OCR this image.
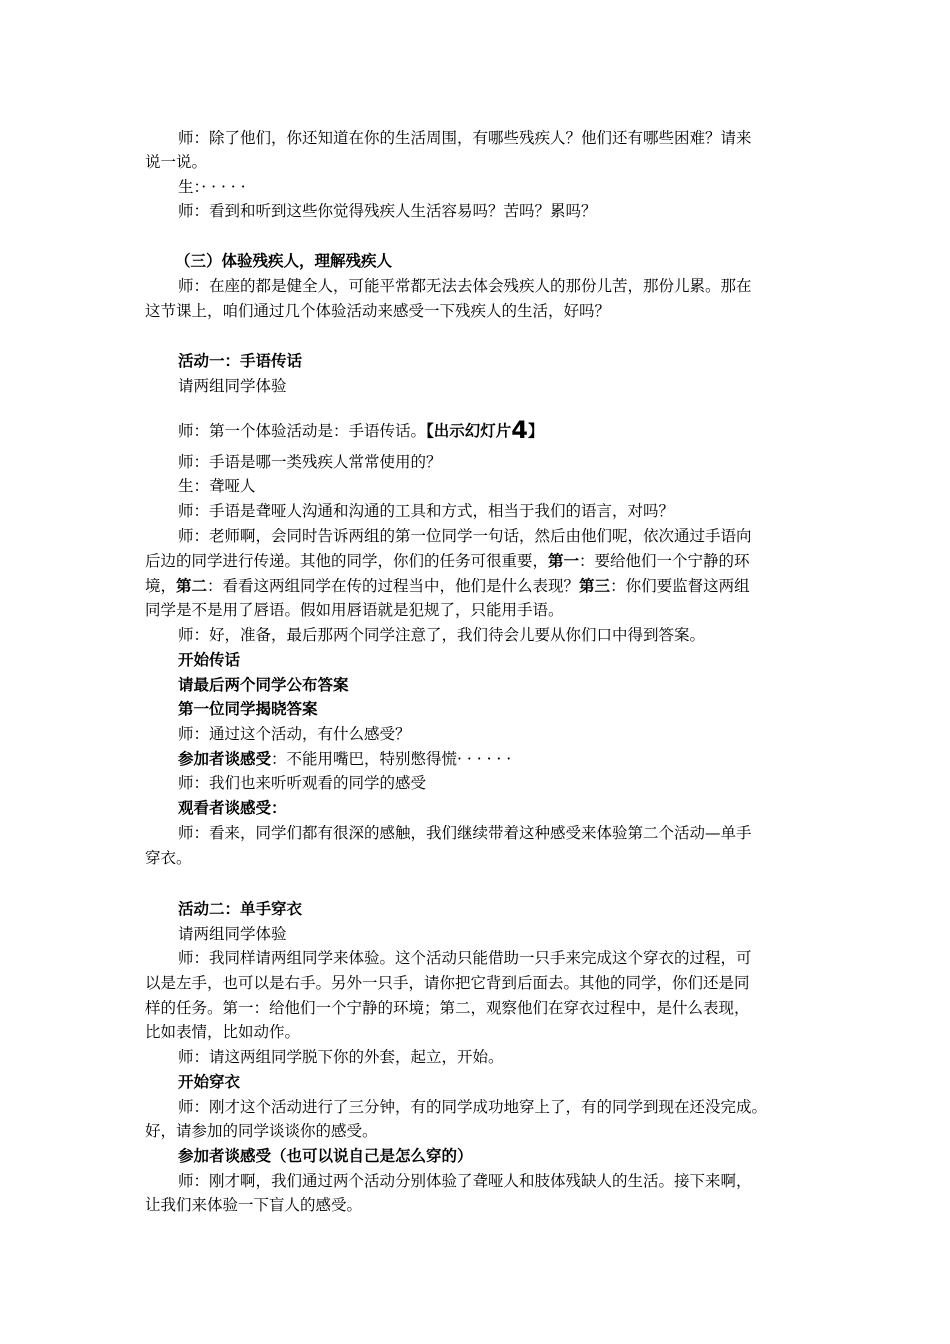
师：除了他们，你还知道在你的生活周围，有哪些残疾人？他们还有哪些困难？请来

说一说。

生：· · · · ·

师：看到和听到这些你觉得残疾人生活容易吗？苦吗？累吗？

（三）体验残疾人，理解残疾人

师：在座的都是健全人，可能平常都无法去体会残疾人的那份儿苦，那份儿累。那在

这节课上，咱们通过几个体验活动来感受一下残疾人的生活，好吗？

活动一：手语传话

请两组同学体验

师：第一个体验活动是：手语传话。【出示幻灯片4】

师：手语是哪一类残疾人常常使用的？

生：聋哑人

师：手语是聋哑人沟通和沟通的工具和方式，相当于我们的语言，对吗？

师：老师啊，会同时告诉两组的第一位同学一句话，然后由他们呢，依次通过手语向

后边的同学进行传递。其他的同学，你们的任务可很重要，第一：要给他们一个宁静的环

境，第二：看看这两组同学在传的过程当中，他们是什么表现？第三：你们要监督这两组

同学是不是用了唇语。假如用唇语就是犯规了，只能用手语。

师：好，准备，最后那两个同学注意了，我们待会儿要从你们口中得到答案。

开始传话

请最后两个同学公布答案

第一位同学揭晓答案

师：通过这个活动，有什么感受？

参加者谈感受：不能用嘴巴，特别憋得慌· · · · · ·

师：我们也来听听观看的同学的感受

观看者谈感受：

师：看来，同学们都有很深的感触，我们继续带着这种感受来体验第二个活动—单手

穿衣。

活动二：单手穿衣

请两组同学体验

师：我同样请两组同学来体验。这个活动只能借助一只手来完成这个穿衣的过程，可

以是左手，也可以是右手。另外一只手，请你把它背到后面去。其他的同学，你们还是同

样的任务。第一：给他们一个宁静的环境；第二，观察他们在穿衣过程中，是什么表现，

比如表情，比如动作。

师：请这两组同学脱下你的外套，起立，开始。

开始穿衣

师：刚才这个活动进行了三分钟，有的同学成功地穿上了，有的同学到现在还没完成。

好，请参加的同学谈谈你的感受。

参加者谈感受（也可以说自己是怎么穿的）

师：刚才啊，我们通过两个活动分别体验了聋哑人和肢体残缺人的生活。接下来啊，

让我们来体验一下盲人的感受。
